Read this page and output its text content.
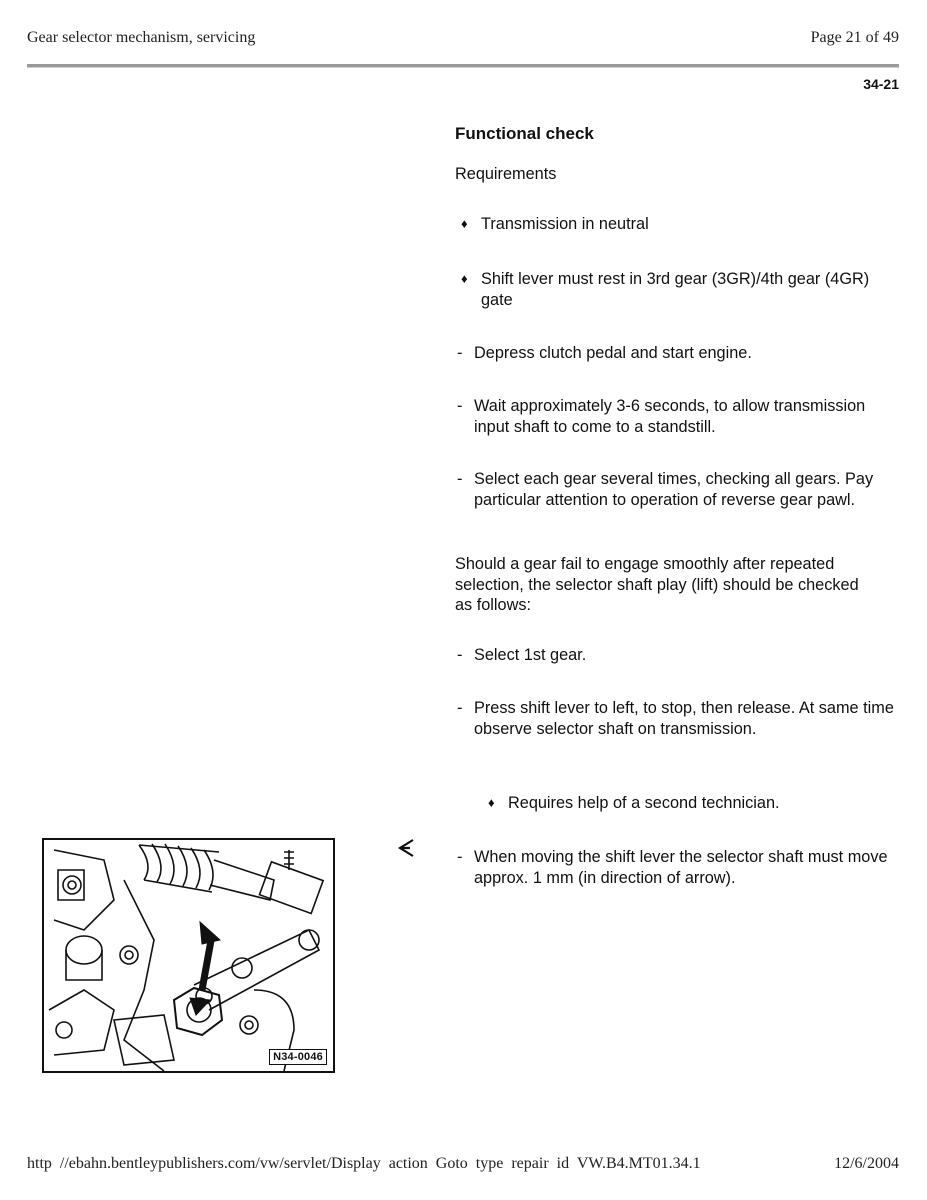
Gear selector mechanism, servicing	Page 21 of 49
34-21
Functional check
Requirements
♦ Transmission in neutral
♦ Shift lever must rest in 3rd gear (3GR)/4th gear (4GR) gate
- Depress clutch pedal and start engine.
- Wait approximately 3-6 seconds, to allow transmission input shaft to come to a standstill.
- Select each gear several times, checking all gears. Pay particular attention to operation of reverse gear pawl.
Should a gear fail to engage smoothly after repeated selection, the selector shaft play (lift) should be checked as follows:
- Select 1st gear.
- Press shift lever to left, to stop, then release. At same time observe selector shaft on transmission.
♦ Requires help of a second technician.
- When moving the shift lever the selector shaft must move approx. 1 mm (in direction of arrow).
N34-0046
http //ebahn.bentleypublishers.com/vw/servlet/Display action Goto type repair id VW.B4.MT01.34.1	12/6/2004
